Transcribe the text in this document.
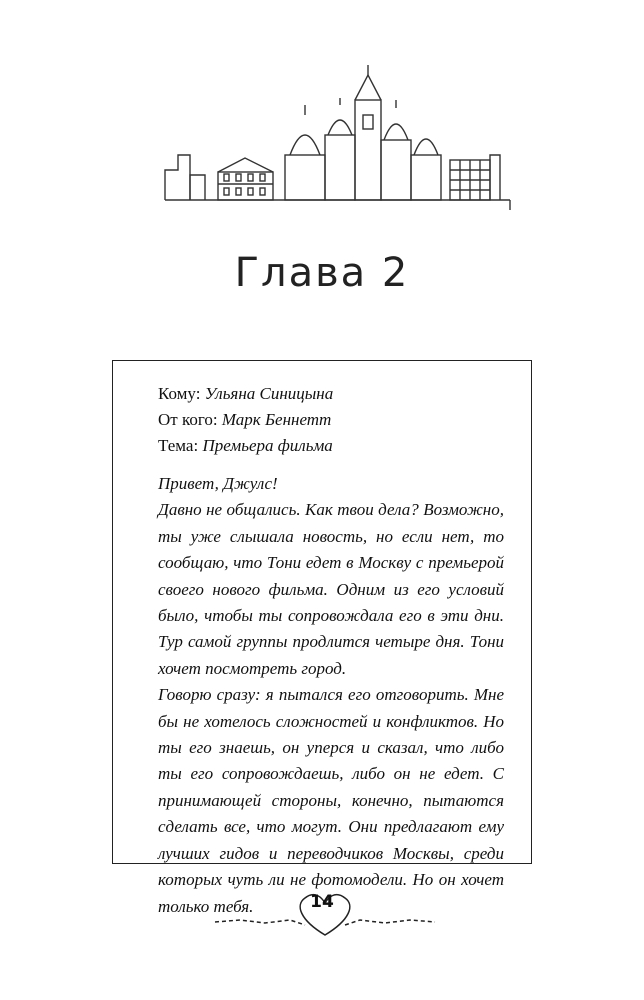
Глава 2
Кому: Ульяна Синицына
От кого: Марк Беннетт
Тема: Премьера фильма

Привет, Джулс!

Давно не общались. Как твои дела? Возможно, ты уже слышала новость, но если нет, то сообщаю, что Тони едет в Москву с премьерой своего нового фильма. Одним из его условий было, чтобы ты сопровождала его в эти дни. Тур самой группы продлится четыре дня. Тони хочет посмотреть город.

Говорю сразу: я пытался его отговорить. Мне бы не хотелось сложностей и конфликтов. Но ты его знаешь, он уперся и сказал, что либо ты его сопровождаешь, либо он не едет. С принимающей стороны, конечно, пытаются сделать все, что могут. Они предлагают ему лучших гидов и переводчиков Москвы, среди которых чуть ли не фотомодели. Но он хочет только тебя.	14
